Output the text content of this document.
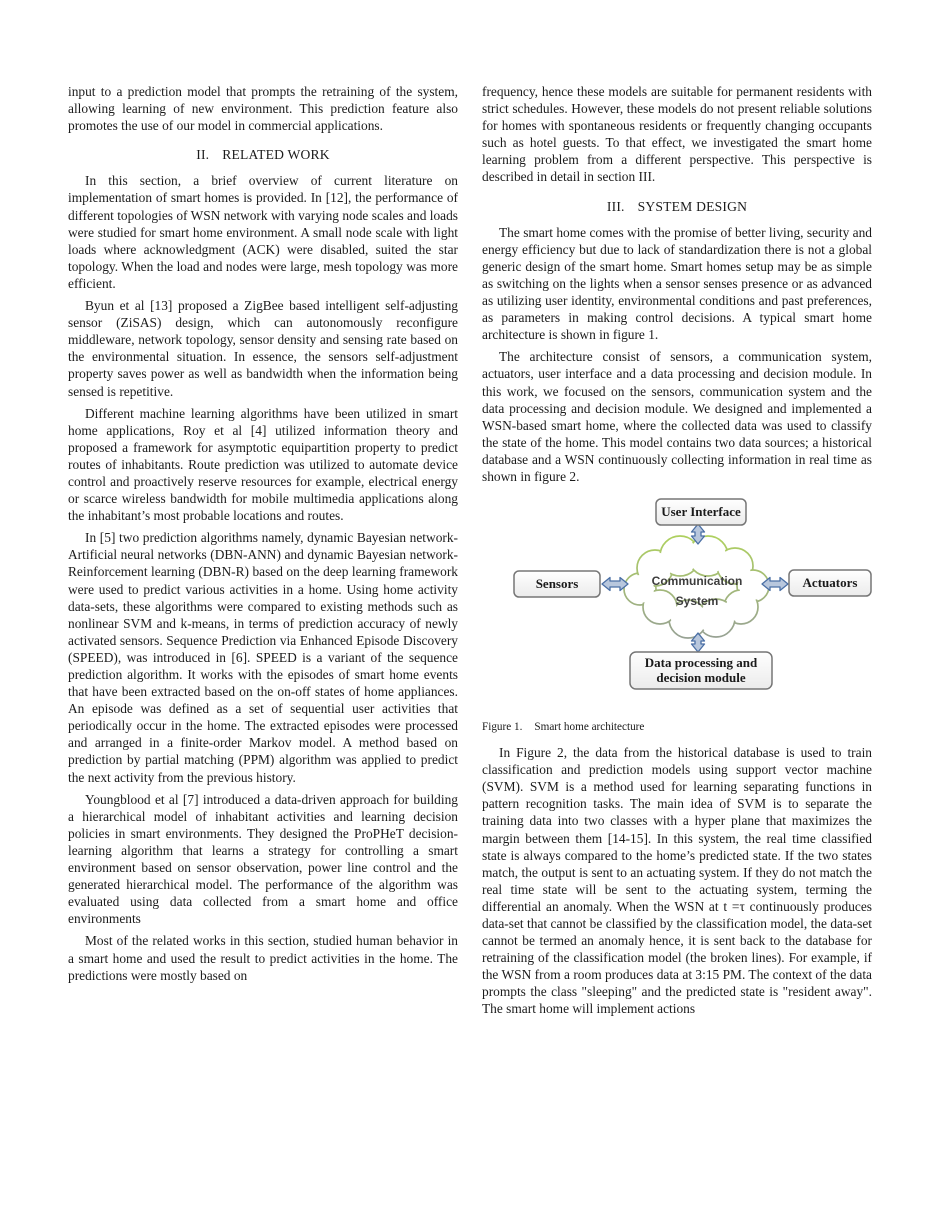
input to a prediction model that prompts the retraining of the system, allowing learning of new environment. This prediction feature also promotes the use of our model in commercial applications.

II. RELATED WORK

In this section, a brief overview of current literature on implementation of smart homes is provided. In [12], the performance of different topologies of WSN network with varying node scales and loads were studied for smart home environment. A small node scale with light loads where acknowledgment (ACK) were disabled, suited the star topology. When the load and nodes were large, mesh topology was more efficient.

Byun et al [13] proposed a ZigBee based intelligent self-adjusting sensor (ZiSAS) design, which can autonomously reconfigure middleware, network topology, sensor density and sensing rate based on the environmental situation. In essence, the sensors self-adjustment property saves power as well as bandwidth when the information being sensed is repetitive.

Different machine learning algorithms have been utilized in smart home applications, Roy et al [4] utilized information theory and proposed a framework for asymptotic equipartition property to predict routes of inhabitants. Route prediction was utilized to automate device control and proactively reserve resources for example, electrical energy or scarce wireless bandwidth for mobile multimedia applications along the inhabitant’s most probable locations and routes.

In [5] two prediction algorithms namely, dynamic Bayesian network-Artificial neural networks (DBN-ANN) and dynamic Bayesian network-Reinforcement learning (DBN-R) based on the deep learning framework were used to predict various activities in a home. Using home activity data-sets, these algorithms were compared to existing methods such as nonlinear SVM and k-means, in terms of prediction accuracy of newly activated sensors. Sequence Prediction via Enhanced Episode Discovery (SPEED), was introduced in [6]. SPEED is a variant of the sequence prediction algorithm. It works with the episodes of smart home events that have been extracted based on the on-off states of home appliances. An episode was defined as a set of sequential user activities that periodically occur in the home. The extracted episodes were processed and arranged in a finite-order Markov model. A method based on prediction by partial matching (PPM) algorithm was applied to predict the next activity from the previous history.

Youngblood et al [7] introduced a data-driven approach for building a hierarchical model of inhabitant activities and learning decision policies in smart environments. They designed the ProPHeT decision-learning algorithm that learns a strategy for controlling a smart environment based on sensor observation, power line control and the generated hierarchical model. The performance of the algorithm was evaluated using data collected from a smart home and office environments

Most of the related works in this section, studied human behavior in a smart home and used the result to predict activities in the home. The predictions were mostly based on

frequency, hence these models are suitable for permanent residents with strict schedules. However, these models do not present reliable solutions for homes with spontaneous residents or frequently changing occupants such as hotel guests. To that effect, we investigated the smart home learning problem from a different perspective. This perspective is described in detail in section III.

III. SYSTEM DESIGN

The smart home comes with the promise of better living, security and energy efficiency but due to lack of standardization there is not a global generic design of the smart home. Smart homes setup may be as simple as switching on the lights when a sensor senses presence or as advanced as utilizing user identity, environmental conditions and past preferences, as parameters in making control decisions. A typical smart home architecture is shown in figure 1.

The architecture consist of sensors, a communication system, actuators, user interface and a data processing and decision module. In this work, we focused on the sensors, communication system and the data processing and decision module. We designed and implemented a WSN-based smart home, where the collected data was used to classify the state of the home. This model contains two data sources; a historical database and a WSN continuously collecting information in real time as shown in figure 2.

User Interface
Sensors	Actuators
Data processing and
decision module
Communication
System
Figure 1. Smart home architecture

In Figure 2, the data from the historical database is used to train classification and prediction models using support vector machine (SVM). SVM is a method used for learning separating functions in pattern recognition tasks. The main idea of SVM is to separate the training data into two classes with a hyper plane that maximizes the margin between them [14-15]. In this system, the real time classified state is always compared to the home’s predicted state. If the two states match, the output is sent to an actuating system. If they do not match the real time state will be sent to the actuating system, terming the differential an anomaly. When the WSN at t =τ continuously produces data-set that cannot be classified by the classification model, the data-set cannot be termed an anomaly hence, it is sent back to the database for retraining of the classification model (the broken lines). For example, if the WSN from a room produces data at 3:15 PM. The context of the data prompts the class "sleeping" and the predicted state is "resident away". The smart home will implement actions
